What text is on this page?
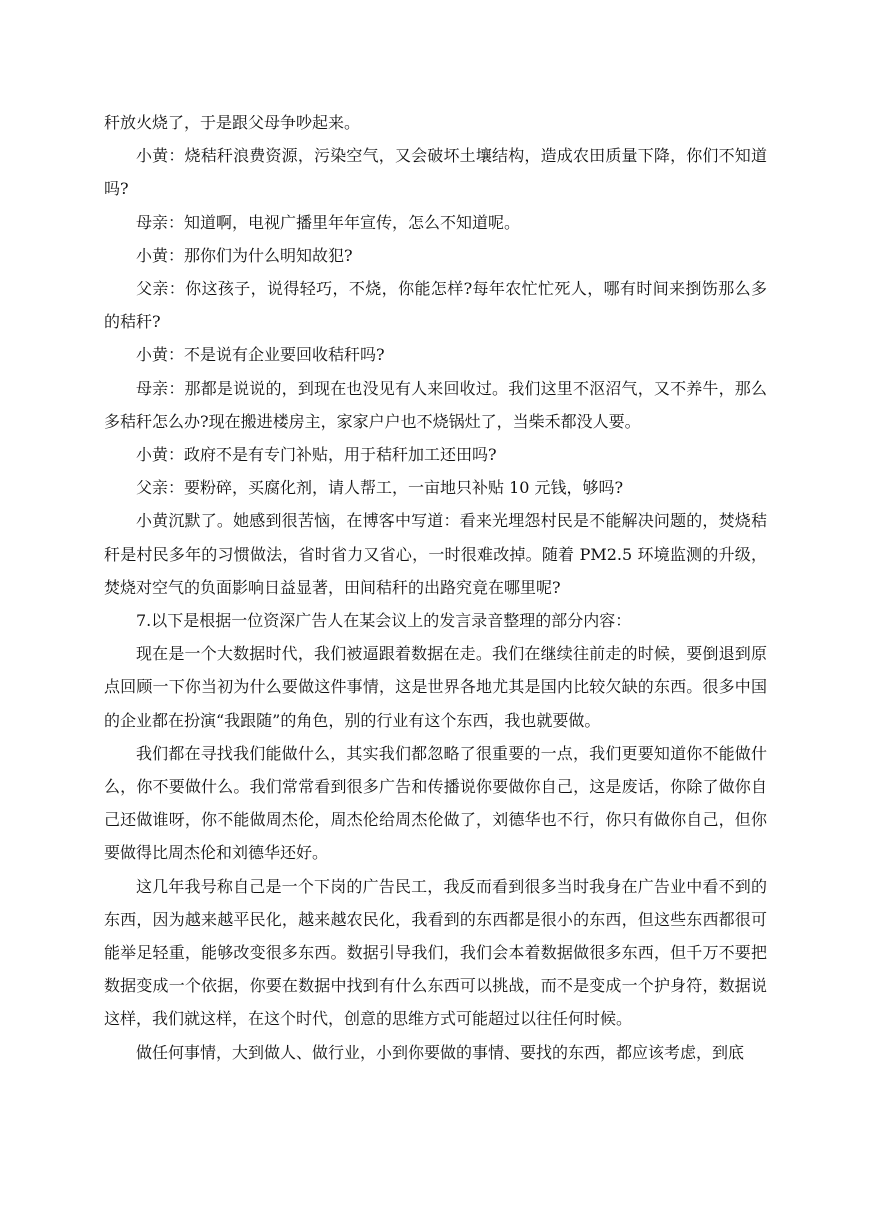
秆放火烧了，于是跟父母争吵起来。

小黄：烧秸秆浪费资源，污染空气，又会破坏土壤结构，造成农田质量下降，你们不知道吗?

母亲：知道啊，电视广播里年年宣传，怎么不知道呢。

小黄：那你们为什么明知故犯?

父亲：你这孩子，说得轻巧，不烧，你能怎样?每年农忙忙死人，哪有时间来捯饬那么多的秸秆?

小黄：不是说有企业要回收秸秆吗?

母亲：那都是说说的，到现在也没见有人来回收过。我们这里不沤沼气，又不养牛，那么多秸秆怎么办?现在搬进楼房主，家家户户也不烧锅灶了，当柴禾都没人要。

小黄：政府不是有专门补贴，用于秸秆加工还田吗?

父亲：要粉碎，买腐化剂，请人帮工，一亩地只补贴 10 元钱，够吗?

小黄沉默了。她感到很苦恼，在博客中写道：看来光埋怨村民是不能解决问题的，焚烧秸秆是村民多年的习惯做法，省时省力又省心，一时很难改掉。随着 PM2.5 环境监测的升级，焚烧对空气的负面影响日益显著，田间秸秆的出路究竟在哪里呢?

7.以下是根据一位资深广告人在某会议上的发言录音整理的部分内容：

现在是一个大数据时代，我们被逼跟着数据在走。我们在继续往前走的时候，要倒退到原点回顾一下你当初为什么要做这件事情，这是世界各地尤其是国内比较欠缺的东西。很多中国的企业都在扮演“我跟随”的角色，别的行业有这个东西，我也就要做。

我们都在寻找我们能做什么，其实我们都忽略了很重要的一点，我们更要知道你不能做什么，你不要做什么。我们常常看到很多广告和传播说你要做你自己，这是废话，你除了做你自己还做谁呀，你不能做周杰伦，周杰伦给周杰伦做了，刘德华也不行，你只有做你自己，但你要做得比周杰伦和刘德华还好。

这几年我号称自己是一个下岗的广告民工，我反而看到很多当时我身在广告业中看不到的东西，因为越来越平民化，越来越农民化，我看到的东西都是很小的东西，但这些东西都很可能举足轻重，能够改变很多东西。数据引导我们，我们会本着数据做很多东西，但千万不要把数据变成一个依据，你要在数据中找到有什么东西可以挑战，而不是变成一个护身符，数据说这样，我们就这样，在这个时代，创意的思维方式可能超过以往任何时候。

做任何事情，大到做人、做行业，小到你要做的事情、要找的东西，都应该考虑，到底
